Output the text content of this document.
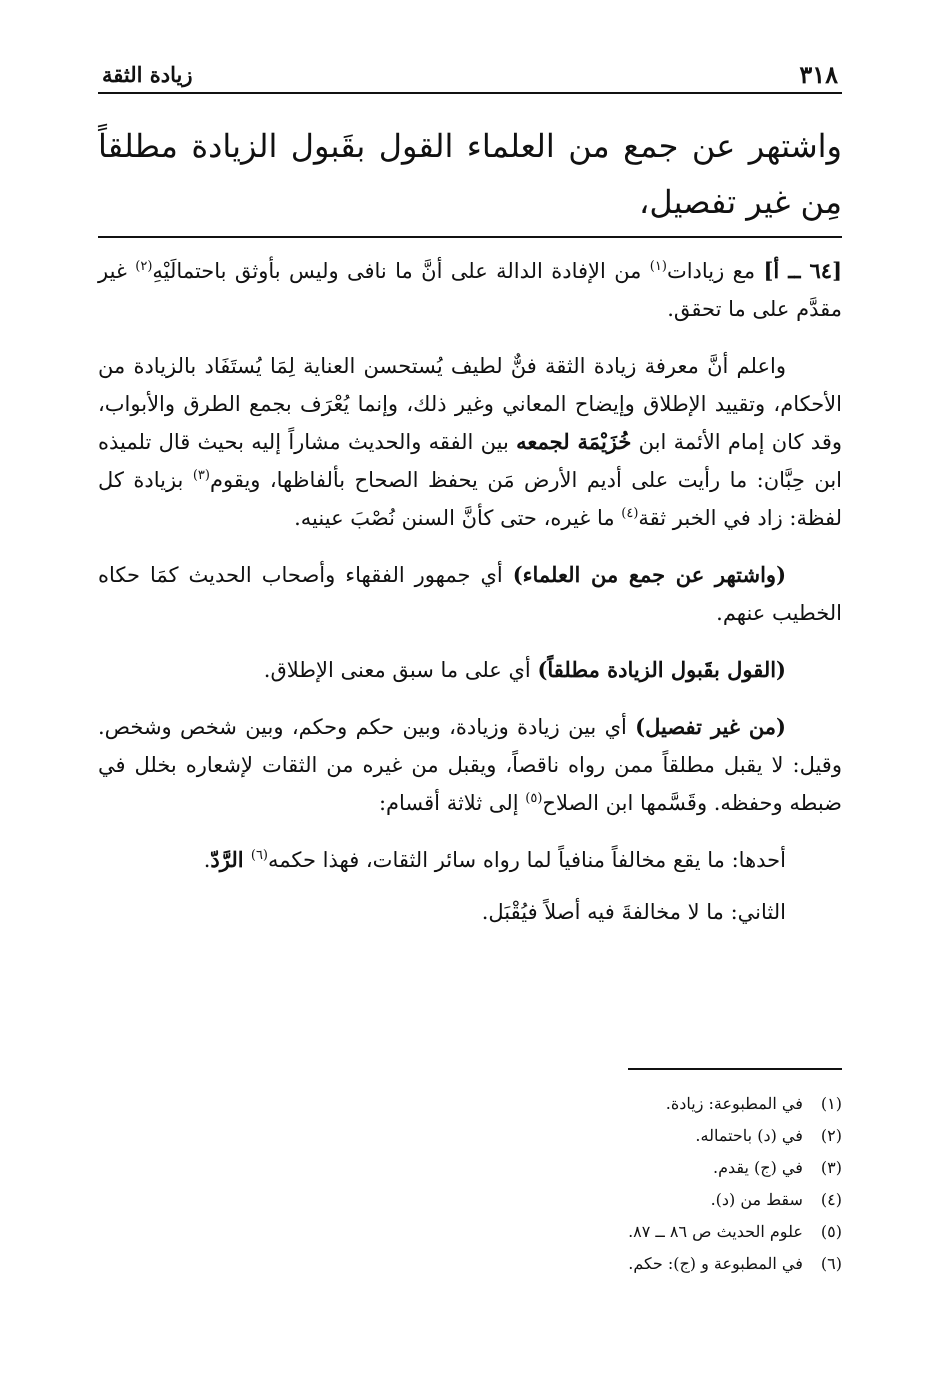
٣١٨
زيادة الثقة
واشتهر عن جمع من العلماء القول بقَبول الزيادة مطلقاً مِن غير تفصيل،

[٦٤ ــ أ] مع زيادات$^{(١)}$ من الإفادة الدالة على أنَّ ما نافى وليس بأوثق باحتمالَيْهِ$^{(٢)}$ غير مقدَّم على ما تحقق.

واعلم أنَّ معرفة زيادة الثقة فنٌّ لطيف يُستحسن العناية لِمَا يُستَفَاد بالزيادة من الأحكام، وتقييد الإطلاق وإيضاح المعاني وغير ذلك، وإنما يُعْرَف بجمع الطرق والأبواب، وقد كان إمام الأئمة ابن خُزَيْمَة لجمعه بين الفقه والحديث مشاراً إليه بحيث قال تلميذه ابن حِبَّان: ما رأيت على أديم الأرض مَن يحفظ الصحاح بألفاظها، ويقوم$^{(٣)}$ بزيادة كل لفظة: زاد في الخبر ثقة$^{(٤)}$ ما غيره، حتى كأنَّ السنن نُصْبَ عينيه.

(واشتهر عن جمع من العلماء) أي جمهور الفقهاء وأصحاب الحديث كمَا حكاه الخطيب عنهم.

(القول بقَبول الزيادة مطلقاً) أي على ما سبق معنى الإطلاق.

(من غير تفصيل) أي بين زيادة وزيادة، وبين حكم وحكم، وبين شخص وشخص. وقيل: لا يقبل مطلقاً ممن رواه ناقصاً، ويقبل من غيره من الثقات لإشعاره بخلل في ضبطه وحفظه. وقَسَّمها ابن الصلاح$^{(٥)}$ إلى ثلاثة أقسام:

أحدها: ما يقع مخالفاً منافياً لما رواه سائر الثقات، فهذا حكمه$^{(٦)}$ الرَّدّ.

الثاني: ما لا مخالفةَ فيه أصلاً فيُقْبَل.

(١) في المطبوعة: زيادة.
(٢) في (د) باحتماله.
(٣) في (ج) يقدم.
(٤) سقط من (د).
(٥) علوم الحديث ص ٨٦ ــ ٨٧.
(٦) في المطبوعة و (ج): حكم.
